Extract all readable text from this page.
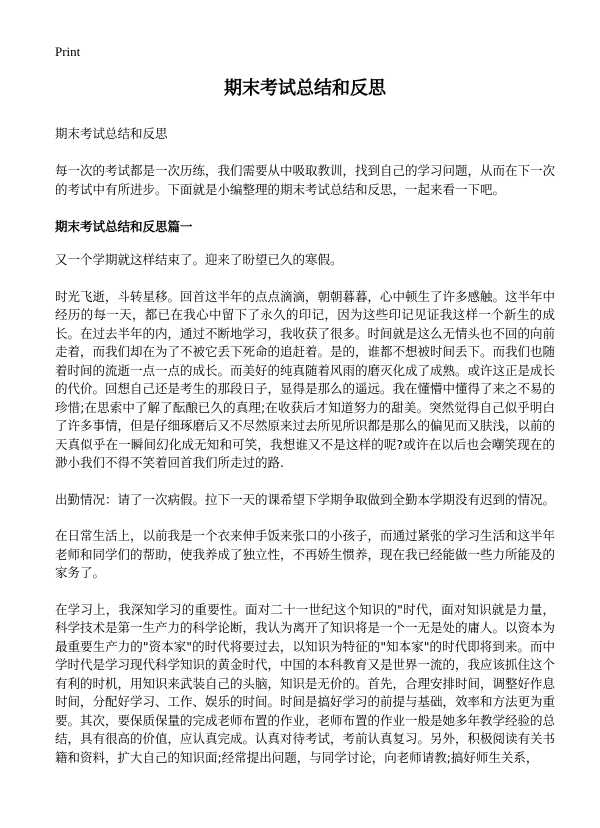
Print
期末考试总结和反思

期末考试总结和反思

每一次的考试都是一次历练，我们需要从中吸取教训，找到自己的学习问题，从而在下一次的考试中有所进步。下面就是小编整理的期末考试总结和反思，一起来看一下吧。

期末考试总结和反思篇一

又一个学期就这样结束了。迎来了盼望已久的寒假。

时光飞逝，斗转星移。回首这半年的点点滴滴，朝朝暮暮，心中顿生了许多感触。这半年中经历的每一天，都已在我心中留下了永久的印记，因为这些印记见证我这样一个新生的成长。在过去半年的内，通过不断地学习，我收获了很多。时间就是这么无情头也不回的向前走着，而我们却在为了不被它丢下死命的追赶着。是的，谁都不想被时间丢下。而我们也随着时间的流逝一点一点的成长。而美好的纯真随着风雨的磨灭化成了成熟。或许这正是成长的代价。回想自己还是考生的那段日子，显得是那么的遥远。我在懂懵中懂得了来之不易的珍惜;在思索中了解了酝酿已久的真理;在收获后才知道努力的甜美。突然觉得自己似乎明白了许多事情，但是仔细琢磨后又不尽然原来过去所见所识都是那么的偏见而又肤浅，以前的天真似乎在一瞬间幻化成无知和可笑，我想谁又不是这样的呢?或许在以后也会嘲笑现在的渺小我们不得不笑着回首我们所走过的路.

出勤情况：请了一次病假。拉下一天的课希望下学期争取做到全勤本学期没有迟到的情况。

在日常生活上，以前我是一个衣来伸手饭来张口的小孩子，而通过紧张的学习生活和这半年老师和同学们的帮助，使我养成了独立性，不再娇生惯养，现在我已经能做一些力所能及的家务了。

在学习上，我深知学习的重要性。面对二十一世纪这个知识的"时代，面对知识就是力量，科学技术是第一生产力的科学论断，我认为离开了知识将是一个一无是处的庸人。以资本为最重要生产力的"资本家"的时代将要过去，以知识为特征的"知本家"的时代即将到来。而中学时代是学习现代科学知识的黄金时代，中国的本科教育又是世界一流的，我应该抓住这个有利的时机，用知识来武装自己的头脑，知识是无价的。首先，合理安排时间，调整好作息时间，分配好学习、工作、娱乐的时间。时间是搞好学习的前提与基础，效率和方法更为重要。其次，要保质保量的完成老师布置的作业，老师布置的作业一般是她多年教学经验的总结，具有很高的价值，应认真完成。认真对待考试，考前认真复习。另外，积极阅读有关书籍和资料，扩大自己的知识面;经常提出问题，与同学讨论，向老师请教;搞好师生关系，
